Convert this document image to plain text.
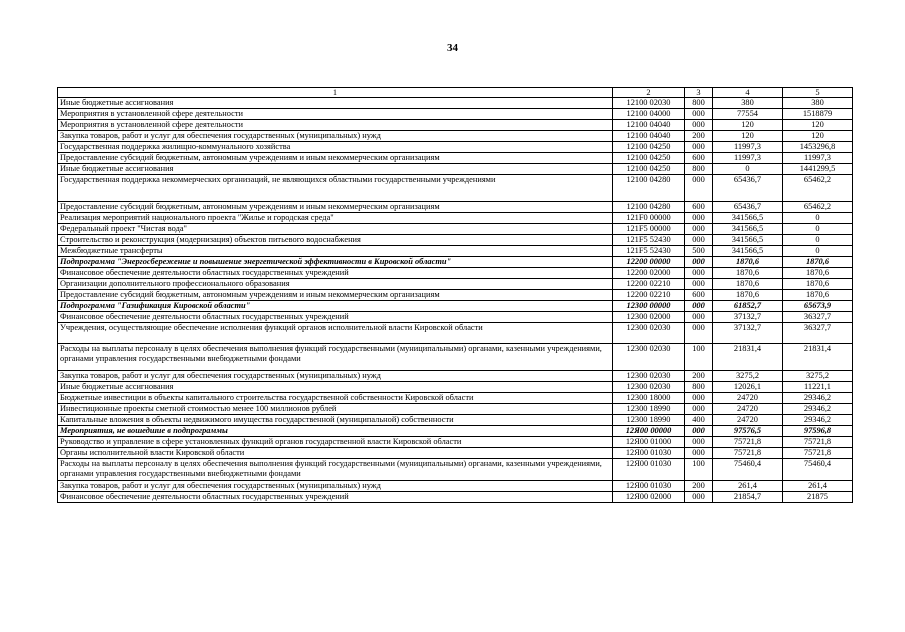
34
1	2	3	4	5
Иные бюджетные ассигнования	12100 02030	800	380	380
Мероприятия в установленной сфере деятельности	12100 04000	000	77554	1518879
Мероприятия в установленной сфере деятельности	12100 04040	000	120	120
Закупка товаров, работ и услуг для обеспечения государственных (муниципальных) нужд	12100 04040	200	120	120
Государственная поддержка жилищно-коммунального хозяйства	12100 04250	000	11997,3	1453296,8
Предоставление субсидий бюджетным, автономным учреждениям и иным некоммерческим организациям	12100 04250	600	11997,3	11997,3
Иные бюджетные ассигнования	12100 04250	800	0	1441299,5
Государственная поддержка некоммерческих организаций, не являющихся областными государственными учреждениями	12100 04280	000	65436,7	65462,2
Предоставление субсидий бюджетным, автономным учреждениям и иным некоммерческим организациям	12100 04280	600	65436,7	65462,2
Реализация мероприятий национального проекта "Жилье и городская среда"	121F0 00000	000	341566,5	0
Федеральный проект "Чистая вода"	121F5 00000	000	341566,5	0
Строительство и реконструкция (модернизация) объектов питьевого водоснабжения	121F5 52430	000	341566,5	0
Межбюджетные трансферты	121F5 52430	500	341566,5	0
Подпрограмма "Энергосбережение и повышение энергетической эффективности в Кировской области"	12200 00000	000	1870,6	1870,6
Финансовое обеспечение деятельности областных государственных учреждений	12200 02000	000	1870,6	1870,6
Организации дополнительного профессионального образования	12200 02210	000	1870,6	1870,6
Предоставление субсидий бюджетным, автономным учреждениям и иным некоммерческим организациям	12200 02210	600	1870,6	1870,6
Подпрограмма "Газификация Кировской области"	12300 00000	000	61852,7	65673,9
Финансовое обеспечение деятельности областных государственных учреждений	12300 02000	000	37132,7	36327,7
Учреждения, осуществляющие обеспечение исполнения функций органов исполнительной власти Кировской области	12300 02030	000	37132,7	36327,7
Расходы на выплаты персоналу в целях обеспечения выполнения функций государственными (муниципальными) органами, казенными учреждениями, органами управления государственными внебюджетными фондами	12300 02030	100	21831,4	21831,4
Закупка товаров, работ и услуг для обеспечения государственных (муниципальных) нужд	12300 02030	200	3275,2	3275,2
Иные бюджетные ассигнования	12300 02030	800	12026,1	11221,1
Бюджетные инвестиции в объекты капитального строительства государственной собственности Кировской области	12300 18000	000	24720	29346,2
Инвестиционные проекты сметной стоимостью менее 100 миллионов рублей	12300 18990	000	24720	29346,2
Капитальные вложения в объекты недвижимого имущества государственной (муниципальной) собственности	12300 18990	400	24720	29346,2
Мероприятия, не вошедшие в подпрограммы	12Я00 00000	000	97576,5	97596,8
Руководство и управление в сфере установленных функций органов государственной власти Кировской области	12Я00 01000	000	75721,8	75721,8
Органы исполнительной власти Кировской области	12Я00 01030	000	75721,8	75721,8
Расходы на выплаты персоналу в целях обеспечения выполнения функций государственными (муниципальными) органами, казенными учреждениями, органами управления государственными внебюджетными фондами	12Я00 01030	100	75460,4	75460,4
Закупка товаров, работ и услуг для обеспечения государственных (муниципальных) нужд	12Я00 01030	200	261,4	261,4
Финансовое обеспечение деятельности областных государственных учреждений	12Я00 02000	000	21854,7	21875
